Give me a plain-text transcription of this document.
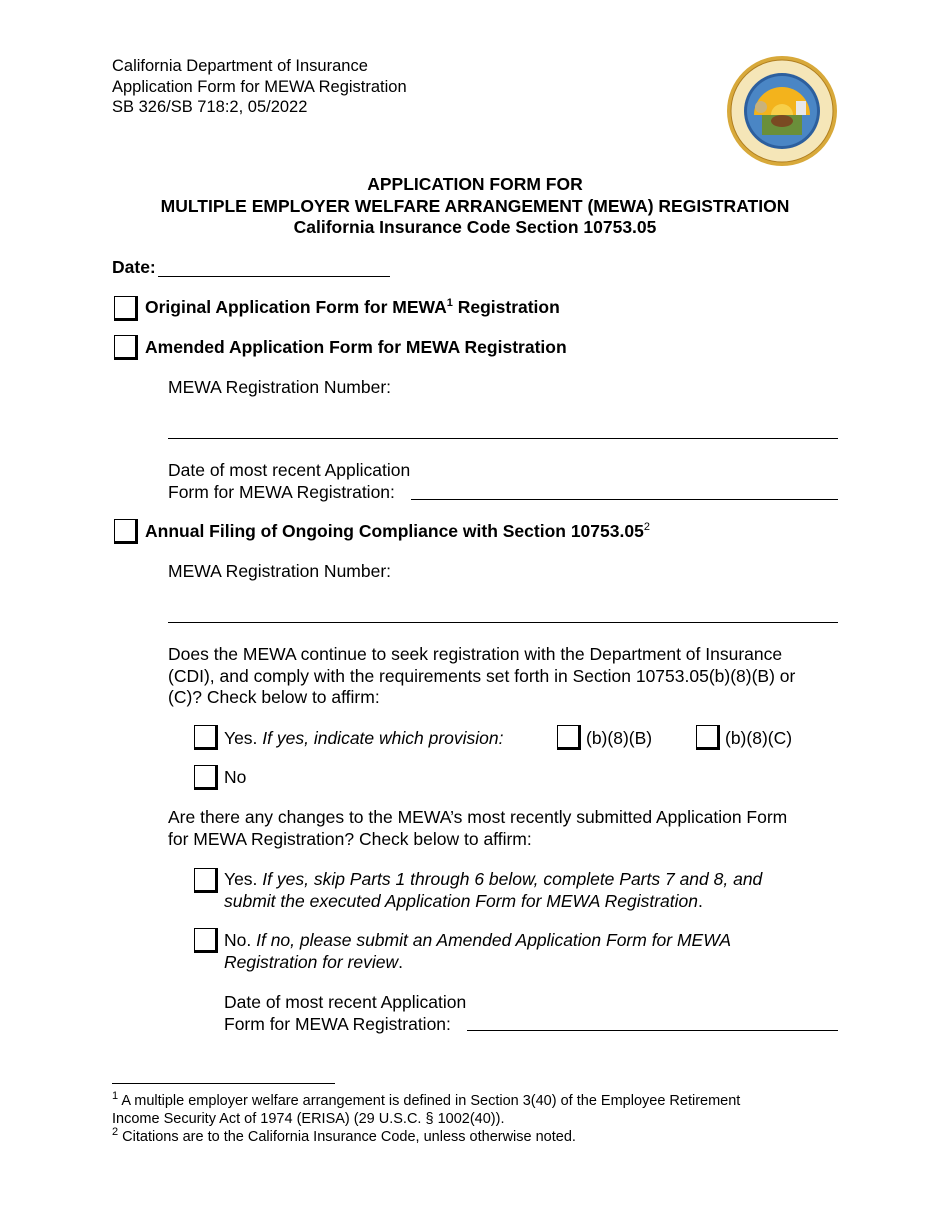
California Department of Insurance
Application Form for MEWA Registration
SB 326/SB 718:2, 05/2022
APPLICATION FORM FOR
MULTIPLE EMPLOYER WELFARE ARRANGEMENT (MEWA) REGISTRATION
California Insurance Code Section 10753.05
Date:
Original Application Form for MEWA$^1$ Registration
Amended Application Form for MEWA Registration
MEWA Registration Number:
Date of most recent Application
Form for MEWA Registration:
Annual Filing of Ongoing Compliance with Section 10753.05$^2$
MEWA Registration Number:
Does the MEWA continue to seek registration with the Department of Insurance
(CDI), and comply with the requirements set forth in Section 10753.05(b)(8)(B) or
(C)? Check below to affirm:
Yes. If yes, indicate which provision:	(b)(8)(B)	(b)(8)(C)
No
Are there any changes to the MEWA’s most recently submitted Application Form
for MEWA Registration? Check below to affirm:
Yes. If yes, skip Parts 1 through 6 below, complete Parts 7 and 8, and
submit the executed Application Form for MEWA Registration.
No. If no, please submit an Amended Application Form for MEWA
Registration for review.
Date of most recent Application
Form for MEWA Registration:
$^1$ A multiple employer welfare arrangement is defined in Section 3(40) of the Employee Retirement
Income Security Act of 1974 (ERISA) (29 U.S.C. § 1002(40)).
$^2$ Citations are to the California Insurance Code, unless otherwise noted.
